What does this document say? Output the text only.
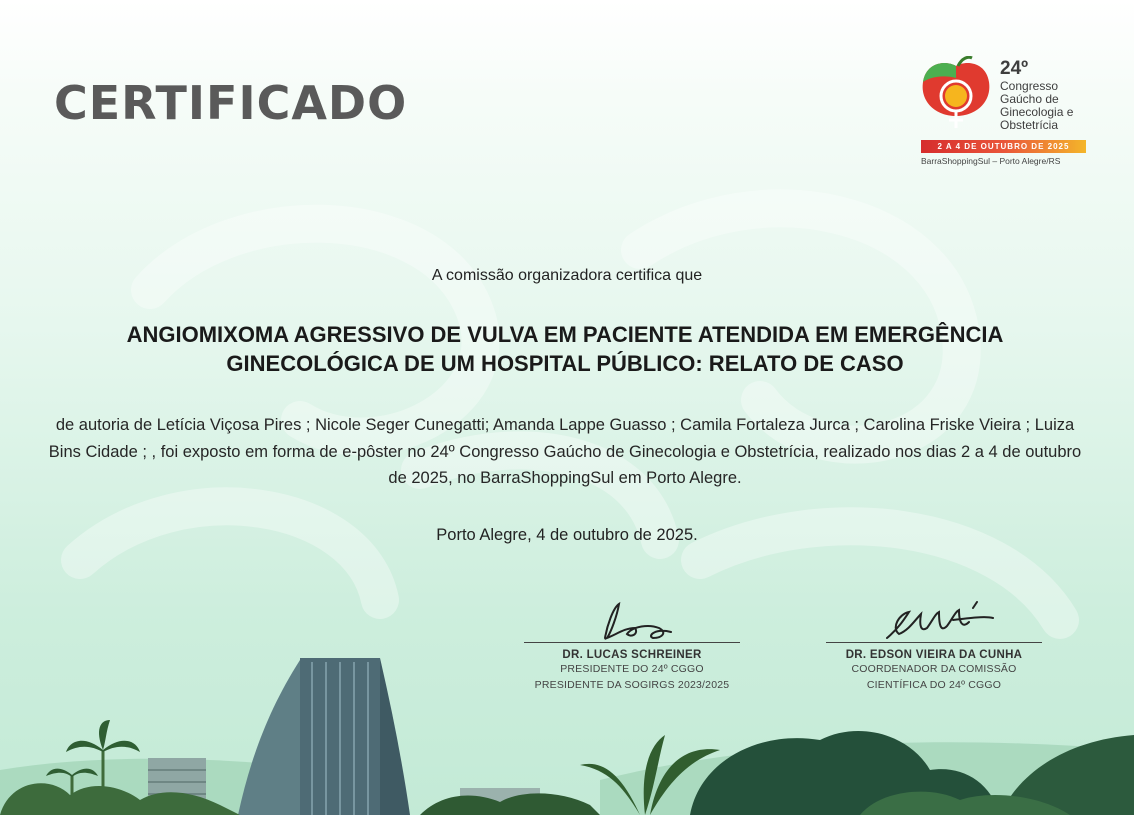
CERTIFICADO
24º
Congresso Gaúcho de Ginecologia e Obstetrícia
2 A 4 DE OUTUBRO DE 2025
BarraShoppingSul – Porto Alegre/RS
A comissão organizadora certifica que
ANGIOMIXOMA AGRESSIVO DE VULVA EM PACIENTE ATENDIDA EM EMERGÊNCIA GINECOLÓGICA DE UM HOSPITAL PÚBLICO: RELATO DE CASO
de autoria de Letícia Viçosa Pires ; Nicole Seger Cunegatti; Amanda Lappe Guasso ; Camila Fortaleza Jurca ; Carolina Friske Vieira ; Luiza Bins Cidade ; , foi exposto em forma de e-pôster no 24º Congresso Gaúcho de Ginecologia e Obstetrícia, realizado nos dias 2 a 4 de outubro de 2025, no BarraShoppingSul em Porto Alegre.
Porto Alegre, 4 de outubro de 2025.
DR. LUCAS SCHREINER
PRESIDENTE DO 24º CGGO
PRESIDENTE DA SOGIRGS 2023/2025
DR. EDSON VIEIRA DA CUNHA
COORDENADOR DA COMISSÃO
CIENTÍFICA DO 24º CGGO
